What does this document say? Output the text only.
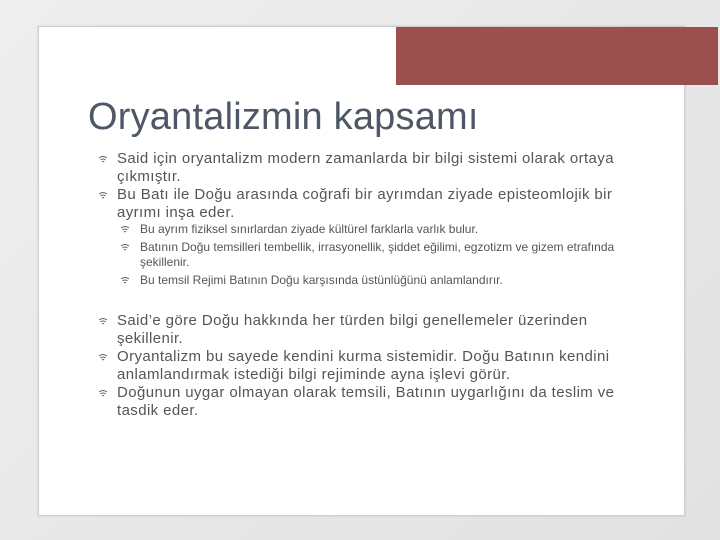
Oryantalizmin kapsamı
Said için oryantalizm modern zamanlarda bir bilgi sistemi olarak ortaya çıkmıştır.
Bu Batı ile Doğu arasında coğrafi bir ayrımdan ziyade episteomlojik bir ayrımı inşa eder.
Bu ayrım fiziksel sınırlardan ziyade kültürel farklarla varlık bulur.
Batının Doğu temsilleri tembellik, irrasyonellik, şiddet eğilimi, egzotizm ve gizem etrafında şekillenir.
Bu temsil Rejimi Batının Doğu karşısında üstünlüğünü anlamlandırır.
Said’e göre Doğu hakkında her türden bilgi genellemeler üzerinden şekillenir.
Oryantalizm bu sayede kendini kurma sistemidir. Doğu Batının kendini anlamlandırmak istediği bilgi rejiminde ayna işlevi görür.
Doğunun uygar olmayan olarak temsili, Batının uygarlığını da teslim ve tasdik eder.
